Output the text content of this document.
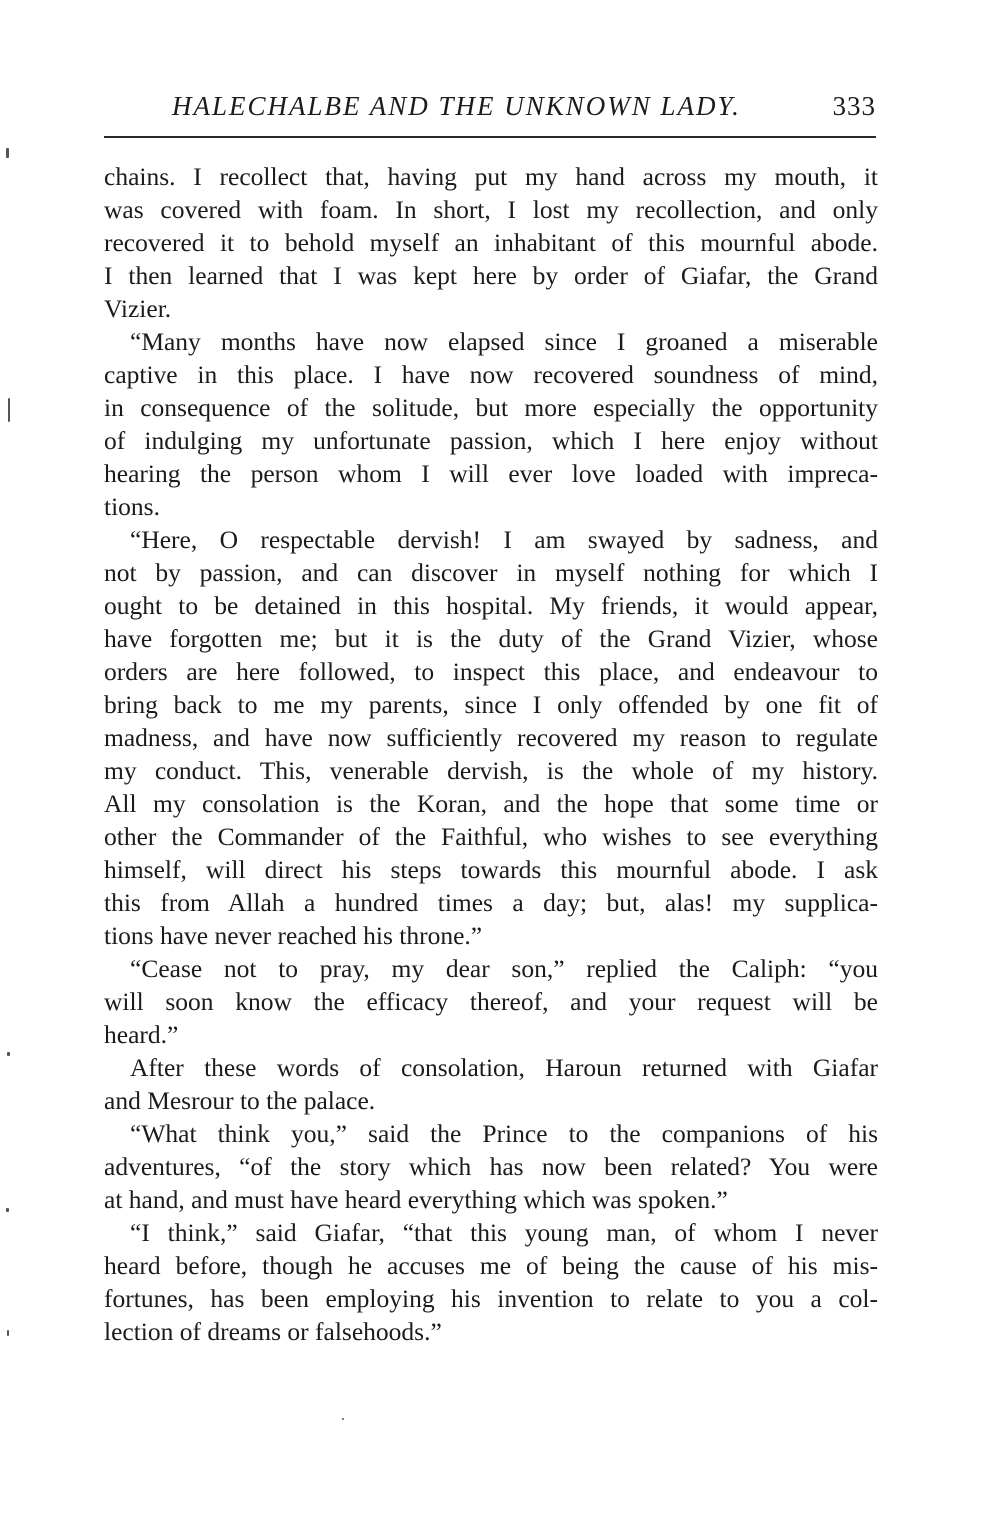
HALECHALBE AND THE UNKNOWN LADY.	333
chains. I recollect that, having put my hand across my mouth, it
was covered with foam. In short, I lost my recollection, and only
recovered it to behold myself an inhabitant of this mournful abode.
I then learned that I was kept here by order of Giafar, the Grand
Vizier.
“Many months have now elapsed since I groaned a miserable
captive in this place. I have now recovered soundness of mind,
in consequence of the solitude, but more especially the opportunity
of indulging my unfortunate passion, which I here enjoy without
hearing the person whom I will ever love loaded with impreca-
tions.
“Here, O respectable dervish! I am swayed by sadness, and
not by passion, and can discover in myself nothing for which I
ought to be detained in this hospital. My friends, it would appear,
have forgotten me; but it is the duty of the Grand Vizier, whose
orders are here followed, to inspect this place, and endeavour to
bring back to me my parents, since I only offended by one fit of
madness, and have now sufficiently recovered my reason to regulate
my conduct. This, venerable dervish, is the whole of my history.
All my consolation is the Koran, and the hope that some time or
other the Commander of the Faithful, who wishes to see everything
himself, will direct his steps towards this mournful abode. I ask
this from Allah a hundred times a day; but, alas! my supplica-
tions have never reached his throne.”
“Cease not to pray, my dear son,” replied the Caliph: “you
will soon know the efficacy thereof, and your request will be
heard.”
After these words of consolation, Haroun returned with Giafar
and Mesrour to the palace.
“What think you,” said the Prince to the companions of his
adventures, “of the story which has now been related? You were
at hand, and must have heard everything which was spoken.”
“I think,” said Giafar, “that this young man, of whom I never
heard before, though he accuses me of being the cause of his mis-
fortunes, has been employing his invention to relate to you a col-
lection of dreams or falsehoods.”
